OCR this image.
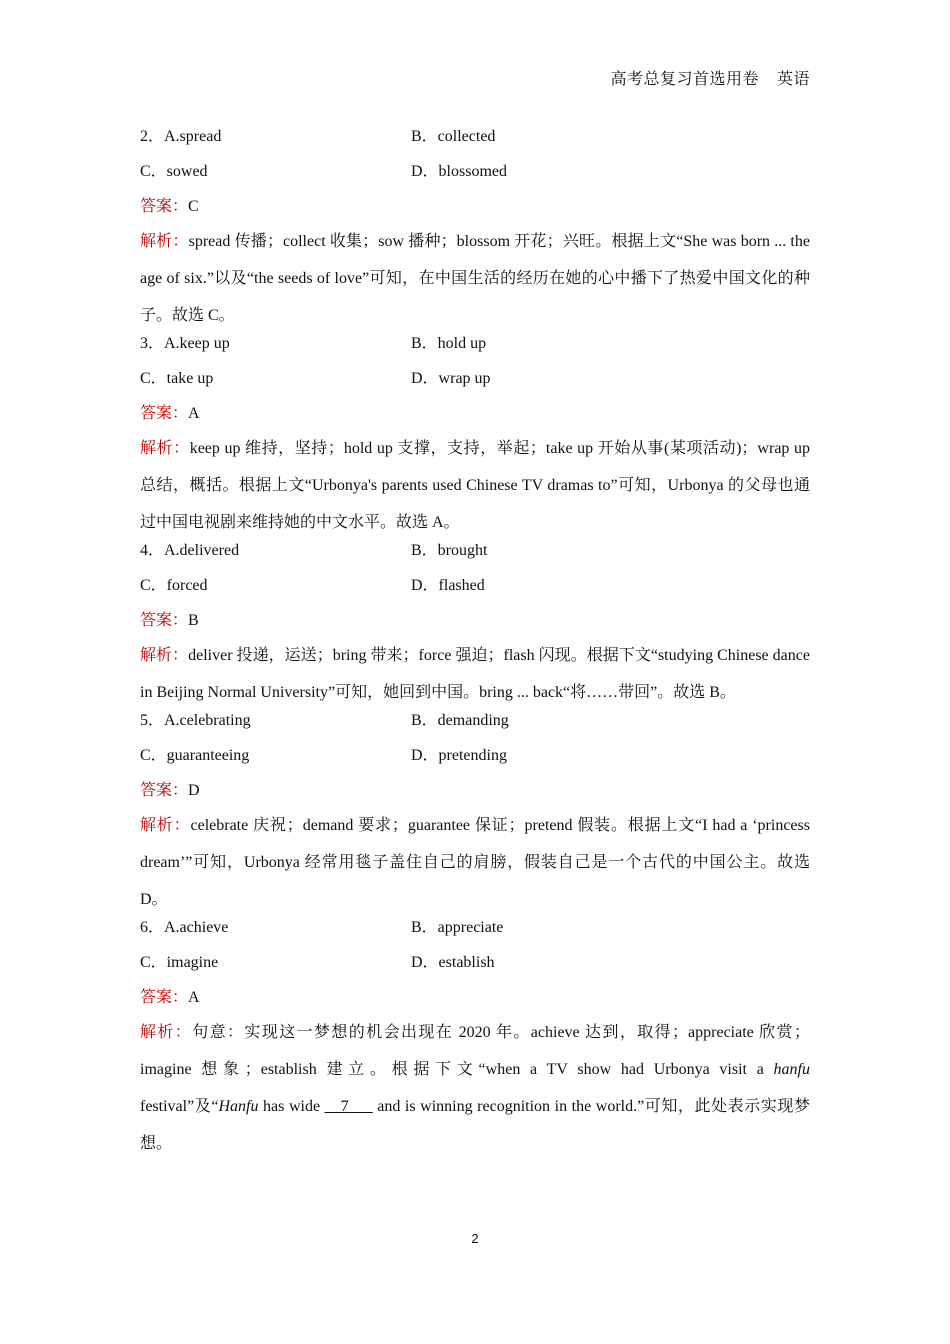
高考总复习首选用卷 英语
2．A.spread	B．collected
C．sowed	D．blossomed
答案：C
解析：spread 传播；collect 收集；sow 播种；blossom 开花；兴旺。根据上文“She was born ... the age of six.”以及“the seeds of love”可知，在中国生活的经历在她的心中播下了热爱中国文化的种子。故选 C。
3．A.keep up	B．hold up
C．take up	D．wrap up
答案：A
解析：keep up 维持，坚持；hold up 支撑，支持，举起；take up 开始从事(某项活动)；wrap up 总结，概括。根据上文“Urbonya's parents used Chinese TV dramas to”可知，Urbonya 的父母也通过中国电视剧来维持她的中文水平。故选 A。
4．A.delivered	B．brought
C．forced	D．flashed
答案：B
解析：deliver 投递，运送；bring 带来；force 强迫；flash 闪现。根据下文“studying Chinese dance in Beijing Normal University”可知，她回到中国。bring ... back“将……带回”。故选 B。
5．A.celebrating	B．demanding
C．guaranteeing	D．pretending
答案：D
解析：celebrate 庆祝；demand 要求；guarantee 保证；pretend 假装。根据上文“I had a ‘princess dream’”可知，Urbonya 经常用毯子盖住自己的肩膀，假装自己是一个古代的中国公主。故选 D。
6．A.achieve	B．appreciate
C．imagine	D．establish
答案：A
解析：句意：实现这一梦想的机会出现在 2020 年。achieve 达到，取得；appreciate 欣赏；imagine 想象；establish 建立。根据下文“when a TV show had Urbonya visit a hanfu festival”及“Hanfu has wide __7___ and is winning recognition in the world.”可知，此处表示实现梦想。
2
